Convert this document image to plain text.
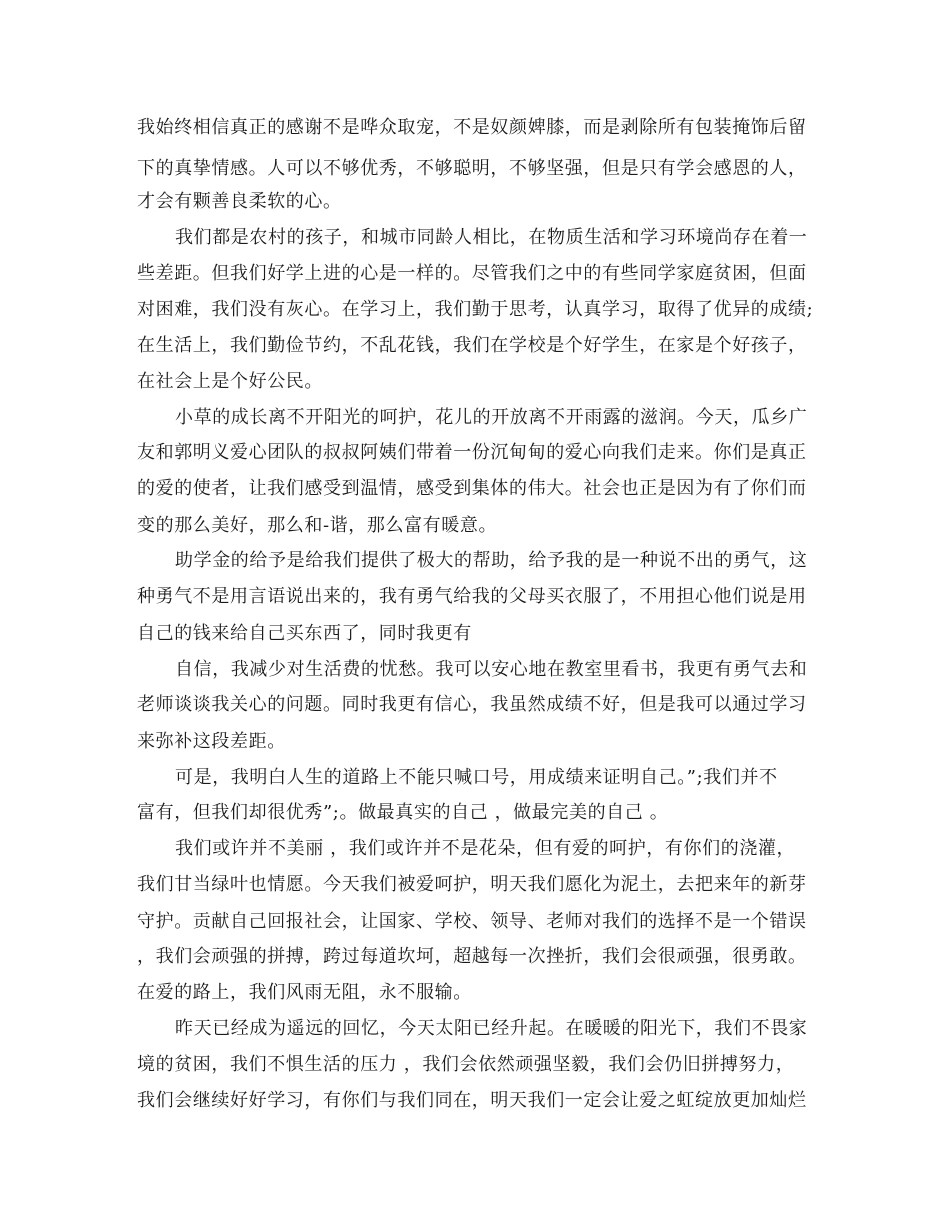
我始终相信真正的感谢不是哗众取宠，不是奴颜婢膝，而是剥除所有包装掩饰后留
下的真挚情感。人可以不够优秀，不够聪明，不够坚强，但是只有学会感恩的人，
才会有颗善良柔软的心。
我们都是农村的孩子，和城市同龄人相比，在物质生活和学习环境尚存在着一
些差距。但我们好学上进的心是一样的。尽管我们之中的有些同学家庭贫困，但面
对困难，我们没有灰心。在学习上，我们勤于思考，认真学习，取得了优异的成绩;
在生活上，我们勤俭节约，不乱花钱，我们在学校是个好学生，在家是个好孩子，
在社会上是个好公民。
小草的成长离不开阳光的呵护，花儿的开放离不开雨露的滋润。今天，瓜乡广
友和郭明义爱心团队的叔叔阿姨们带着一份沉甸甸的爱心向我们走来。你们是真正
的爱的使者，让我们感受到温情，感受到集体的伟大。社会也正是因为有了你们而
变的那么美好，那么和-谐，那么富有暖意。
助学金的给予是给我们提供了极大的帮助，给予我的是一种说不出的勇气，这
种勇气不是用言语说出来的，我有勇气给我的父母买衣服了，不用担心他们说是用
自己的钱来给自己买东西了，同时我更有
自信，我减少对生活费的忧愁。我可以安心地在教室里看书，我更有勇气去和
老师谈谈我关心的问题。同时我更有信心，我虽然成绩不好，但是我可以通过学习
来弥补这段差距。
可是，我明白人生的道路上不能只喊口号，用成绩来证明自己。”;我们并不
富有，但我们却很优秀”;。做最真实的自己 ，做最完美的自己 。
我们或许并不美丽 ，我们或许并不是花朵，但有爱的呵护，有你们的浇灌，
我们甘当绿叶也情愿。今天我们被爱呵护，明天我们愿化为泥土，去把来年的新芽
守护。贡献自己回报社会，让国家、学校、领导、老师对我们的选择不是一个错误
，我们会顽强的拼搏，跨过每道坎坷，超越每一次挫折，我们会很顽强，很勇敢。
在爱的路上，我们风雨无阻，永不服输。
昨天已经成为遥远的回忆，今天太阳已经升起。在暖暖的阳光下，我们不畏家
境的贫困，我们不惧生活的压力 ，我们会依然顽强坚毅，我们会仍旧拼搏努力，
我们会继续好好学习，有你们与我们同在，明天我们一定会让爱之虹绽放更加灿烂
